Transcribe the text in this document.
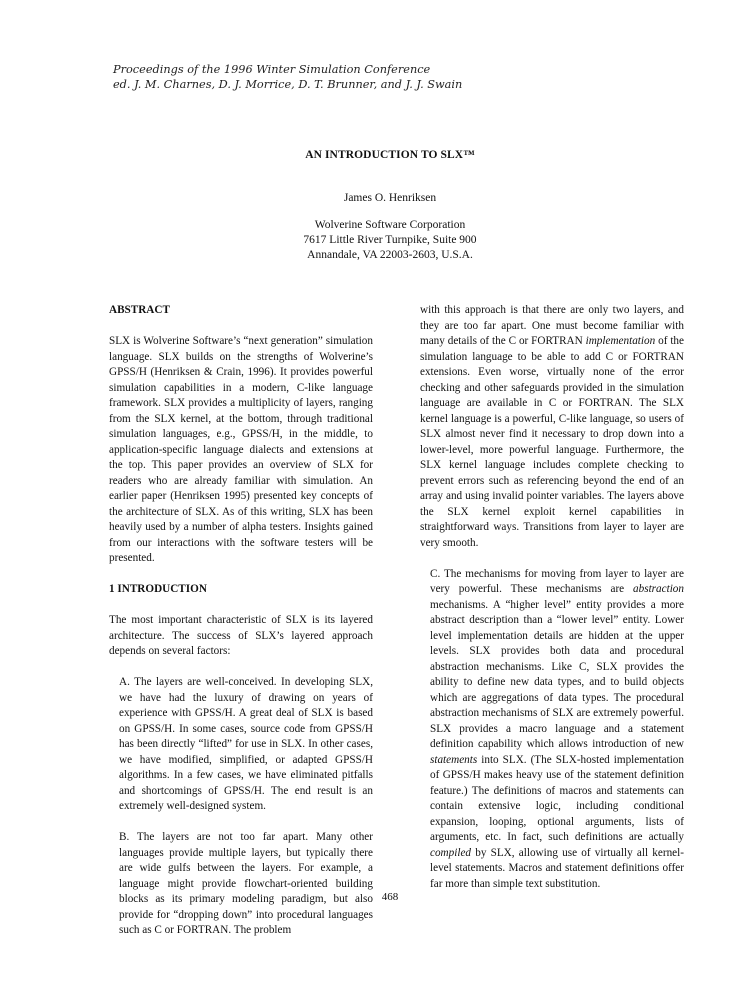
Proceedings of the 1996 Winter Simulation Conference
ed. J. M. Charnes, D. J. Morrice, D. T. Brunner, and J. J. Swain
AN INTRODUCTION TO SLX™
James O. Henriksen
Wolverine Software Corporation
7617 Little River Turnpike, Suite 900
Annandale, VA 22003-2603, U.S.A.
ABSTRACT

SLX is Wolverine Software’s “next generation” simulation language. SLX builds on the strengths of Wolverine’s GPSS/H (Henriksen & Crain, 1996). It provides powerful simulation capabilities in a modern, C-like language framework. SLX provides a multiplicity of layers, ranging from the SLX kernel, at the bottom, through traditional simulation languages, e.g., GPSS/H, in the middle, to application-specific language dialects and extensions at the top. This paper provides an overview of SLX for readers who are already familiar with simulation. An earlier paper (Henriksen 1995) presented key concepts of the architecture of SLX. As of this writing, SLX has been heavily used by a number of alpha testers. Insights gained from our interactions with the software testers will be presented.

1 INTRODUCTION

The most important characteristic of SLX is its layered architecture. The success of SLX’s layered approach depends on several factors:

A. The layers are well-conceived. In developing SLX, we have had the luxury of drawing on years of experience with GPSS/H. A great deal of SLX is based on GPSS/H. In some cases, source code from GPSS/H has been directly “lifted” for use in SLX. In other cases, we have modified, simplified, or adapted GPSS/H algorithms. In a few cases, we have eliminated pitfalls and shortcomings of GPSS/H. The end result is an extremely well-designed system.

B. The layers are not too far apart. Many other languages provide multiple layers, but typically there are wide gulfs between the layers. For example, a language might provide flowchart-oriented building blocks as its primary modeling paradigm, but also provide for “dropping down” into procedural languages such as C or FORTRAN. The problem

with this approach is that there are only two layers, and they are too far apart. One must become familiar with many details of the C or FORTRAN implementation of the simulation language to be able to add C or FORTRAN extensions. Even worse, virtually none of the error checking and other safeguards provided in the simulation language are available in C or FORTRAN. The SLX kernel language is a powerful, C-like language, so users of SLX almost never find it necessary to drop down into a lower-level, more powerful language. Furthermore, the SLX kernel language includes complete checking to prevent errors such as referencing beyond the end of an array and using invalid pointer variables. The layers above the SLX kernel exploit kernel capabilities in straightforward ways. Transitions from layer to layer are very smooth.

C. The mechanisms for moving from layer to layer are very powerful. These mechanisms are abstraction mechanisms. A “higher level” entity provides a more abstract description than a “lower level” entity. Lower level implementation details are hidden at the upper levels. SLX provides both data and procedural abstraction mechanisms. Like C, SLX provides the ability to define new data types, and to build objects which are aggregations of data types. The procedural abstraction mechanisms of SLX are extremely powerful. SLX provides a macro language and a statement definition capability which allows introduction of new statements into SLX. (The SLX-hosted implementation of GPSS/H makes heavy use of the statement definition feature.) The definitions of macros and statements can contain extensive logic, including conditional expansion, looping, optional arguments, lists of arguments, etc. In fact, such definitions are actually compiled by SLX, allowing use of virtually all kernel-level statements. Macros and statement definitions offer far more than simple text substitution.

468
